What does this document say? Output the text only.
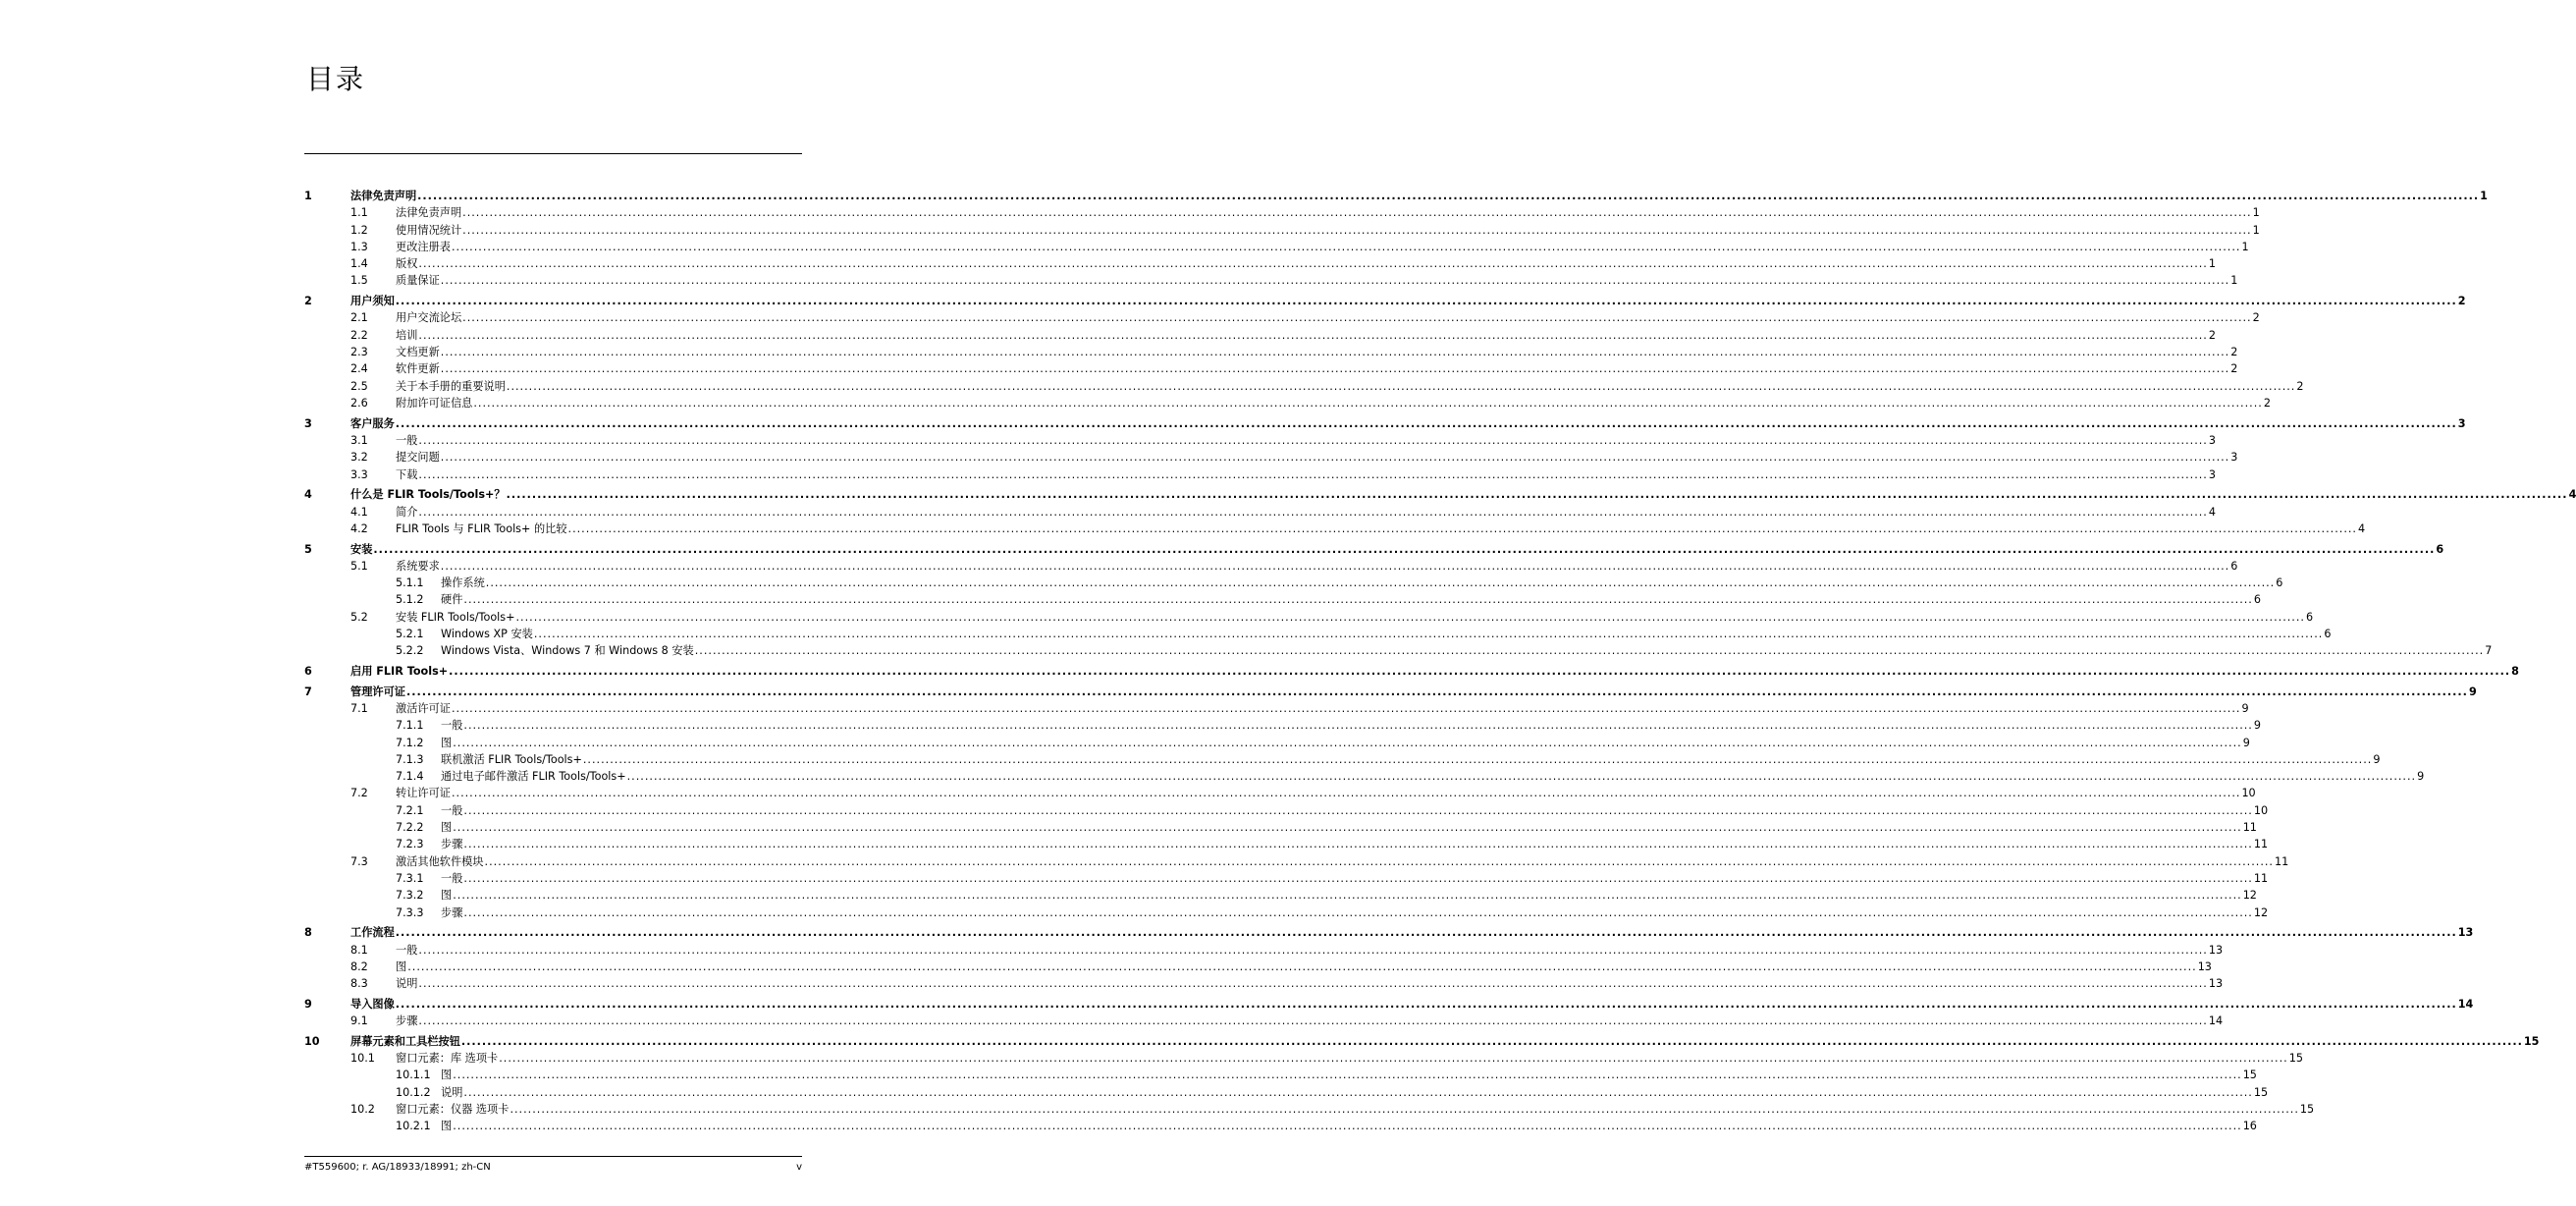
目录
1	法律免责声明 ................................................................................................................................................................................................................................................................................................................................................................................................................ 1
1.1	法律免责声明 ................................................................................................................................................................................................................................................................................................................................................................................................................ 1
1.2	使用情况统计 ................................................................................................................................................................................................................................................................................................................................................................................................................ 1
1.3	更改注册表 ................................................................................................................................................................................................................................................................................................................................................................................................................ 1
1.4	版权 ................................................................................................................................................................................................................................................................................................................................................................................................................ 1
1.5	质量保证 ................................................................................................................................................................................................................................................................................................................................................................................................................ 1
2	用户须知 ................................................................................................................................................................................................................................................................................................................................................................................................................ 2
2.1	用户交流论坛 ................................................................................................................................................................................................................................................................................................................................................................................................................ 2
2.2	培训 ................................................................................................................................................................................................................................................................................................................................................................................................................ 2
2.3	文档更新 ................................................................................................................................................................................................................................................................................................................................................................................................................ 2
2.4	软件更新 ................................................................................................................................................................................................................................................................................................................................................................................................................ 2
2.5	关于本手册的重要说明 ................................................................................................................................................................................................................................................................................................................................................................................................................ 2
2.6	附加许可证信息 ................................................................................................................................................................................................................................................................................................................................................................................................................ 2
3	客户服务 ................................................................................................................................................................................................................................................................................................................................................................................................................ 3
3.1	一般 ................................................................................................................................................................................................................................................................................................................................................................................................................ 3
3.2	提交问题 ................................................................................................................................................................................................................................................................................................................................................................................................................ 3
3.3	下载 ................................................................................................................................................................................................................................................................................................................................................................................................................ 3
4	什么是 FLIR Tools/Tools+？ ................................................................................................................................................................................................................................................................................................................................................................................................................ 4
4.1	简介 ................................................................................................................................................................................................................................................................................................................................................................................................................ 4
4.2	FLIR Tools 与 FLIR Tools+ 的比较 ................................................................................................................................................................................................................................................................................................................................................................................................................ 4
5	安装 ................................................................................................................................................................................................................................................................................................................................................................................................................ 6
5.1	系统要求 ................................................................................................................................................................................................................................................................................................................................................................................................................ 6
5.1.1 操作系统 ................................................................................................................................................................................................................................................................................................................................................................................................................ 6
5.1.2 硬件 ................................................................................................................................................................................................................................................................................................................................................................................................................ 6
5.2	安装 FLIR Tools/Tools+ ................................................................................................................................................................................................................................................................................................................................................................................................................ 6
5.2.1 Windows XP 安装 ................................................................................................................................................................................................................................................................................................................................................................................................................ 6
5.2.2 Windows Vista、Windows 7 和 Windows 8 安装 ................................................................................................................................................................................................................................................................................................................................................................................................................ 7
6	启用 FLIR Tools+ ................................................................................................................................................................................................................................................................................................................................................................................................................ 8
7	管理许可证 ................................................................................................................................................................................................................................................................................................................................................................................................................ 9
7.1	激活许可证 ................................................................................................................................................................................................................................................................................................................................................................................................................ 9
7.1.1 一般 ................................................................................................................................................................................................................................................................................................................................................................................................................ 9
7.1.2 图 ................................................................................................................................................................................................................................................................................................................................................................................................................ 9
7.1.3 联机激活 FLIR Tools/Tools+ ................................................................................................................................................................................................................................................................................................................................................................................................................ 9
7.1.4 通过电子邮件激活 FLIR Tools/Tools+ ................................................................................................................................................................................................................................................................................................................................................................................................................ 9
7.2	转让许可证 ................................................................................................................................................................................................................................................................................................................................................................................................................ 10
7.2.1 一般 ................................................................................................................................................................................................................................................................................................................................................................................................................ 10
7.2.2 图 ................................................................................................................................................................................................................................................................................................................................................................................................................ 11
7.2.3 步骤 ................................................................................................................................................................................................................................................................................................................................................................................................................ 11
7.3	激活其他软件模块 ................................................................................................................................................................................................................................................................................................................................................................................................................ 11
7.3.1 一般 ................................................................................................................................................................................................................................................................................................................................................................................................................ 11
7.3.2 图 ................................................................................................................................................................................................................................................................................................................................................................................................................ 12
7.3.3 步骤 ................................................................................................................................................................................................................................................................................................................................................................................................................ 12
8	工作流程 ................................................................................................................................................................................................................................................................................................................................................................................................................ 13
8.1	一般 ................................................................................................................................................................................................................................................................................................................................................................................................................ 13
8.2	图 ................................................................................................................................................................................................................................................................................................................................................................................................................ 13
8.3	说明 ................................................................................................................................................................................................................................................................................................................................................................................................................ 13
9	导入图像 ................................................................................................................................................................................................................................................................................................................................................................................................................ 14
9.1	步骤 ................................................................................................................................................................................................................................................................................................................................................................................................................ 14
10	屏幕元素和工具栏按钮 ................................................................................................................................................................................................................................................................................................................................................................................................................ 15
10.1 窗口元素：库 选项卡 ................................................................................................................................................................................................................................................................................................................................................................................................................ 15
10.1.1 图 ................................................................................................................................................................................................................................................................................................................................................................................................................ 15
10.1.2 说明 ................................................................................................................................................................................................................................................................................................................................................................................................................ 15
10.2 窗口元素：仪器 选项卡 ................................................................................................................................................................................................................................................................................................................................................................................................................ 15
10.2.1 图 ................................................................................................................................................................................................................................................................................................................................................................................................................ 16
#T559600; r. AG/18933/18991; zh-CN	v
